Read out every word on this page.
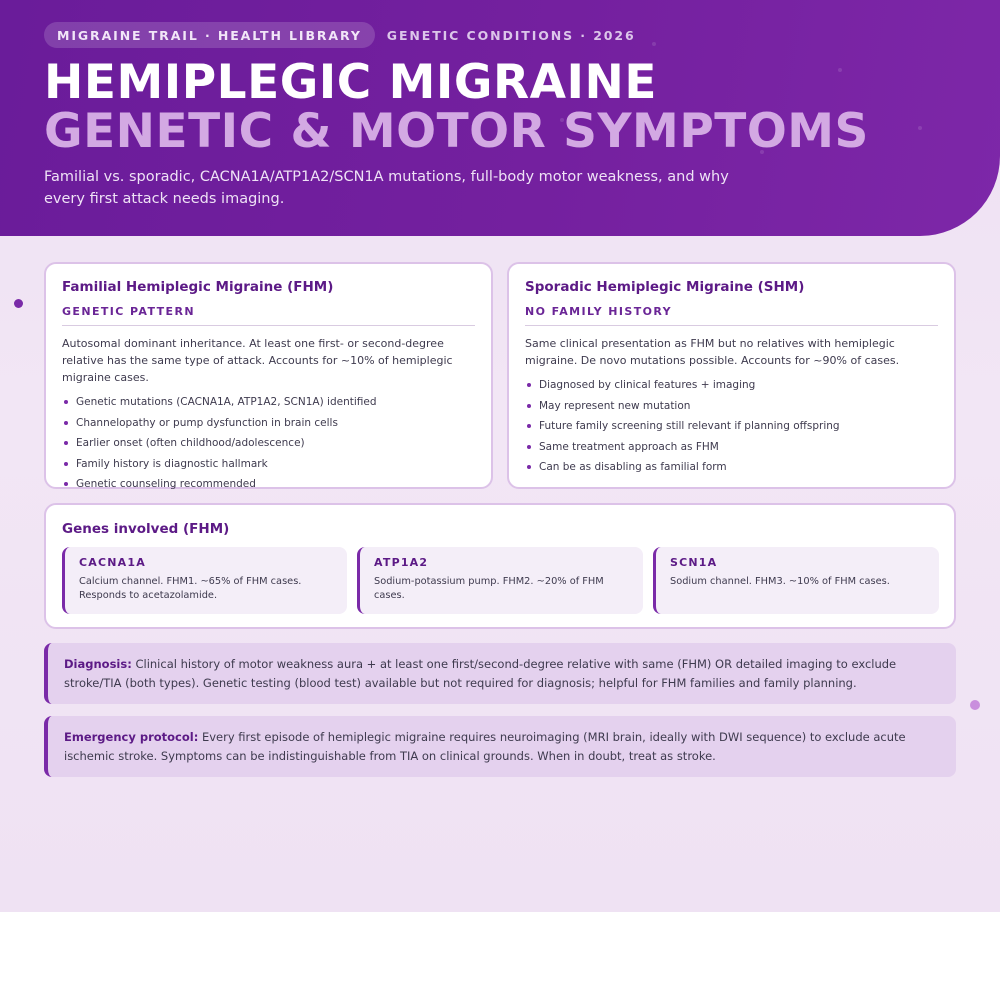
MIGRAINE TRAIL · HEALTH LIBRARY	GENETIC CONDITIONS · 2026
HEMIPLEGIC MIGRAINE
GENETIC & MOTOR SYMPTOMS

Familial vs. sporadic, CACNA1A/ATP1A2/SCN1A mutations, full-body motor weakness, and why every first attack needs imaging.

Familial Hemiplegic Migraine (FHM)
GENETIC PATTERN

Autosomal dominant inheritance. At least one first- or second-degree relative has the same type of attack. Accounts for ~10% of hemiplegic migraine cases.

Genetic mutations (CACNA1A, ATP1A2, SCN1A) identified
Channelopathy or pump dysfunction in brain cells
Earlier onset (often childhood/adolescence)
Family history is diagnostic hallmark
Genetic counseling recommended
Sporadic Hemiplegic Migraine (SHM)
NO FAMILY HISTORY

Same clinical presentation as FHM but no relatives with hemiplegic migraine. De novo mutations possible. Accounts for ~90% of cases.

Diagnosed by clinical features + imaging
May represent new mutation
Future family screening still relevant if planning offspring
Same treatment approach as FHM
Can be as disabling as familial form
Genes involved (FHM)
CACNA1A
Calcium channel. FHM1. ~65% of FHM cases. Responds to acetazolamide.
ATP1A2
Sodium-potassium pump. FHM2. ~20% of FHM cases.
SCN1A
Sodium channel. FHM3. ~10% of FHM cases.
Diagnosis: Clinical history of motor weakness aura + at least one first/second-degree relative with same (FHM) OR detailed imaging to exclude stroke/TIA (both types). Genetic testing (blood test) available but not required for diagnosis; helpful for FHM families and family planning.
Emergency protocol: Every first episode of hemiplegic migraine requires neuroimaging (MRI brain, ideally with DWI sequence) to exclude acute ischemic stroke. Symptoms can be indistinguishable from TIA on clinical grounds. When in doubt, treat as stroke.
